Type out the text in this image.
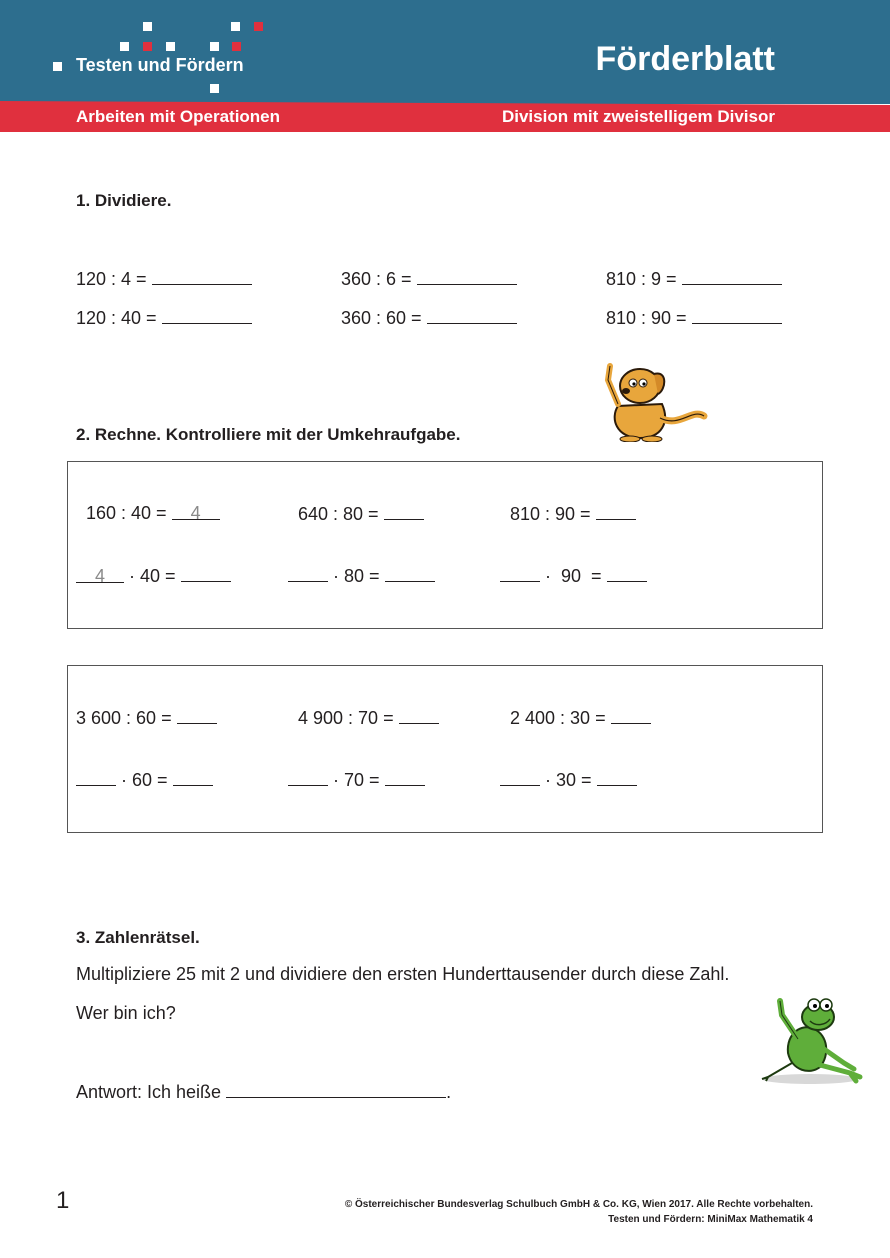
Testen und Fördern	Förderblatt
Arbeiten mit Operationen	Division mit zweistelligem Divisor
1. Dividiere.
120 : 4 =	360 : 6 =	810 : 9 =
120 : 40 =	360 : 60 =	810 : 90 =
2. Rechne. Kontrolliere mit der Umkehraufgabe.
160 : 40 = 4	640 : 80 =	810 : 90 =
4 · 40 =	· 80 =	·  90  =
3 600 : 60 =	4 900 : 70 =	2 400 : 30 =
· 60 =	· 70 =	· 30 =
3. Zahlenrätsel.
Multipliziere 25 mit 2 und dividiere den ersten Hunderttausender durch diese Zahl.
Wer bin ich?
Antwort: Ich heiße	.
1	© Österreichischer Bundesverlag Schulbuch GmbH & Co. KG, Wien 2017. Alle Rechte vorbehalten.
Testen und Fördern: MiniMax Mathematik 4
